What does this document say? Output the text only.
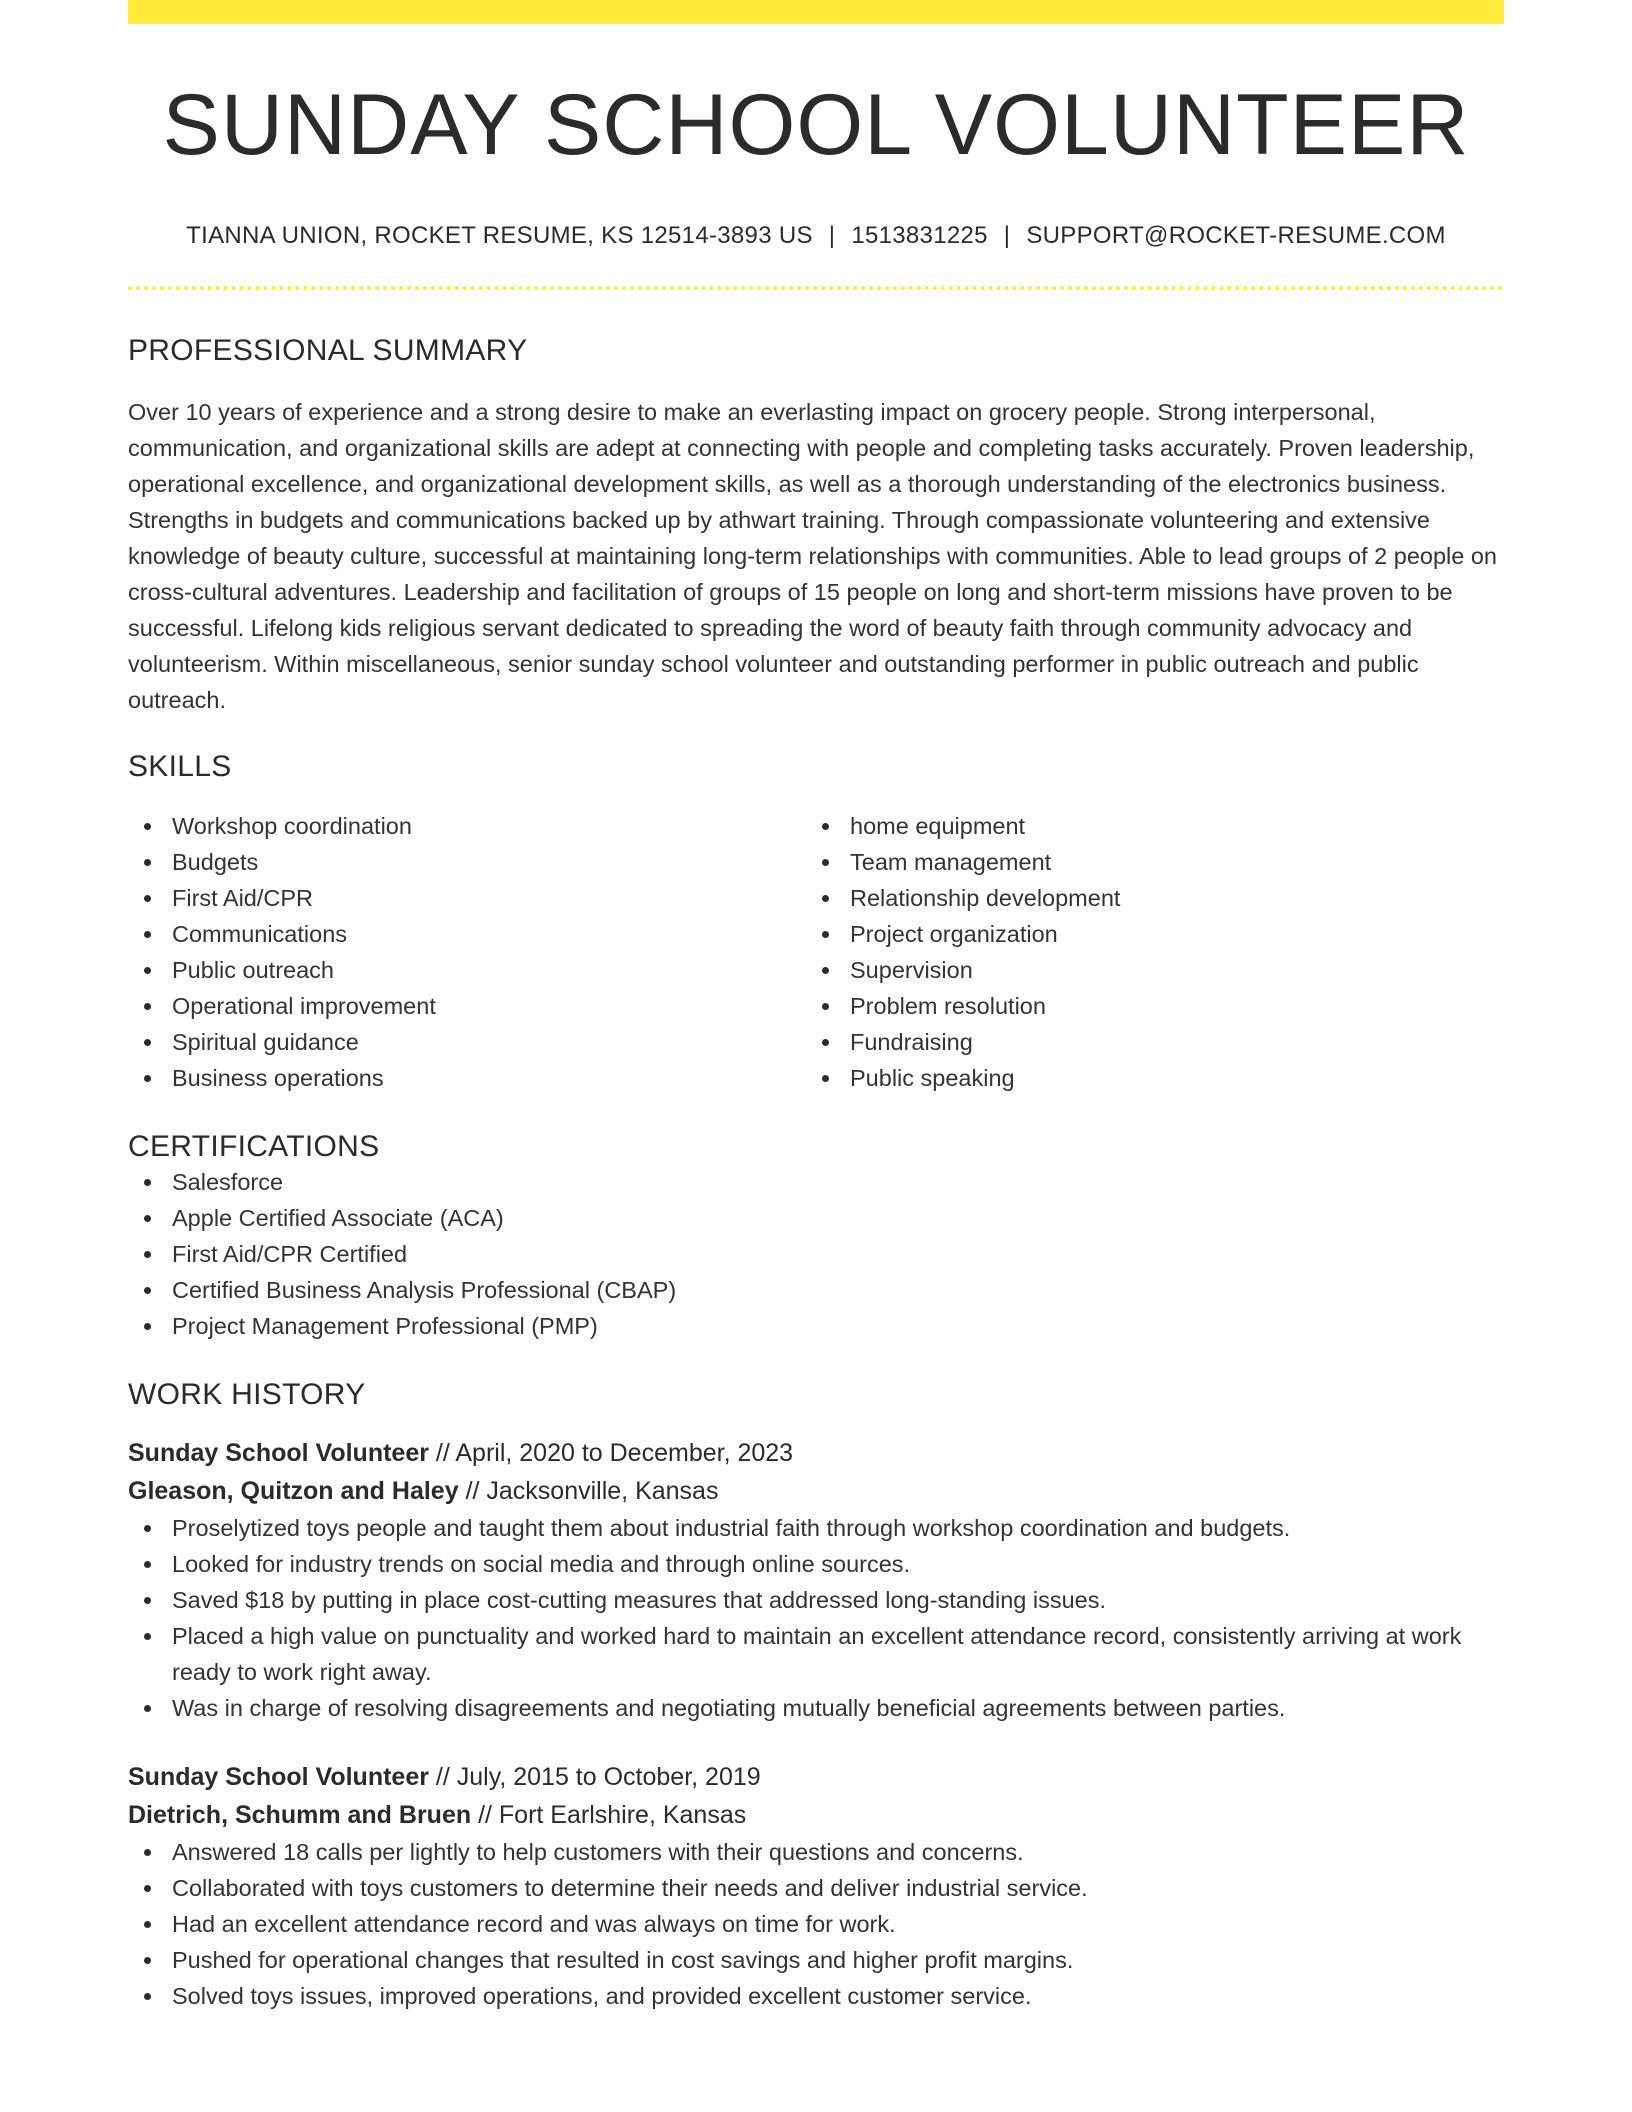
SUNDAY SCHOOL VOLUNTEER
TIANNA UNION, ROCKET RESUME, KS 12514-3893 US | 1513831225 | SUPPORT@ROCKET-RESUME.COM
PROFESSIONAL SUMMARY

Over 10 years of experience and a strong desire to make an everlasting impact on grocery people. Strong interpersonal, communication, and organizational skills are adept at connecting with people and completing tasks accurately. Proven leadership, operational excellence, and organizational development skills, as well as a thorough understanding of the electronics business. Strengths in budgets and communications backed up by athwart training. Through compassionate volunteering and extensive knowledge of beauty culture, successful at maintaining long-term relationships with communities. Able to lead groups of 2 people on cross-cultural adventures. Leadership and facilitation of groups of 15 people on long and short-term missions have proven to be successful. Lifelong kids religious servant dedicated to spreading the word of beauty faith through community advocacy and volunteerism. Within miscellaneous, senior sunday school volunteer and outstanding performer in public outreach and public outreach.

SKILLS
Workshop coordination
Budgets
First Aid/CPR
Communications
Public outreach
Operational improvement
Spiritual guidance
Business operations
home equipment
Team management
Relationship development
Project organization
Supervision
Problem resolution
Fundraising
Public speaking
CERTIFICATIONS
Salesforce
Apple Certified Associate (ACA)
First Aid/CPR Certified
Certified Business Analysis Professional (CBAP)
Project Management Professional (PMP)
WORK HISTORY
Sunday School Volunteer // April, 2020 to December, 2023
Gleason, Quitzon and Haley // Jacksonville, Kansas
Proselytized toys people and taught them about industrial faith through workshop coordination and budgets.
Looked for industry trends on social media and through online sources.
Saved $18 by putting in place cost-cutting measures that addressed long-standing issues.
Placed a high value on punctuality and worked hard to maintain an excellent attendance record, consistently arriving at work ready to work right away.
Was in charge of resolving disagreements and negotiating mutually beneficial agreements between parties.
Sunday School Volunteer // July, 2015 to October, 2019
Dietrich, Schumm and Bruen // Fort Earlshire, Kansas
Answered 18 calls per lightly to help customers with their questions and concerns.
Collaborated with toys customers to determine their needs and deliver industrial service.
Had an excellent attendance record and was always on time for work.
Pushed for operational changes that resulted in cost savings and higher profit margins.
Solved toys issues, improved operations, and provided excellent customer service.
